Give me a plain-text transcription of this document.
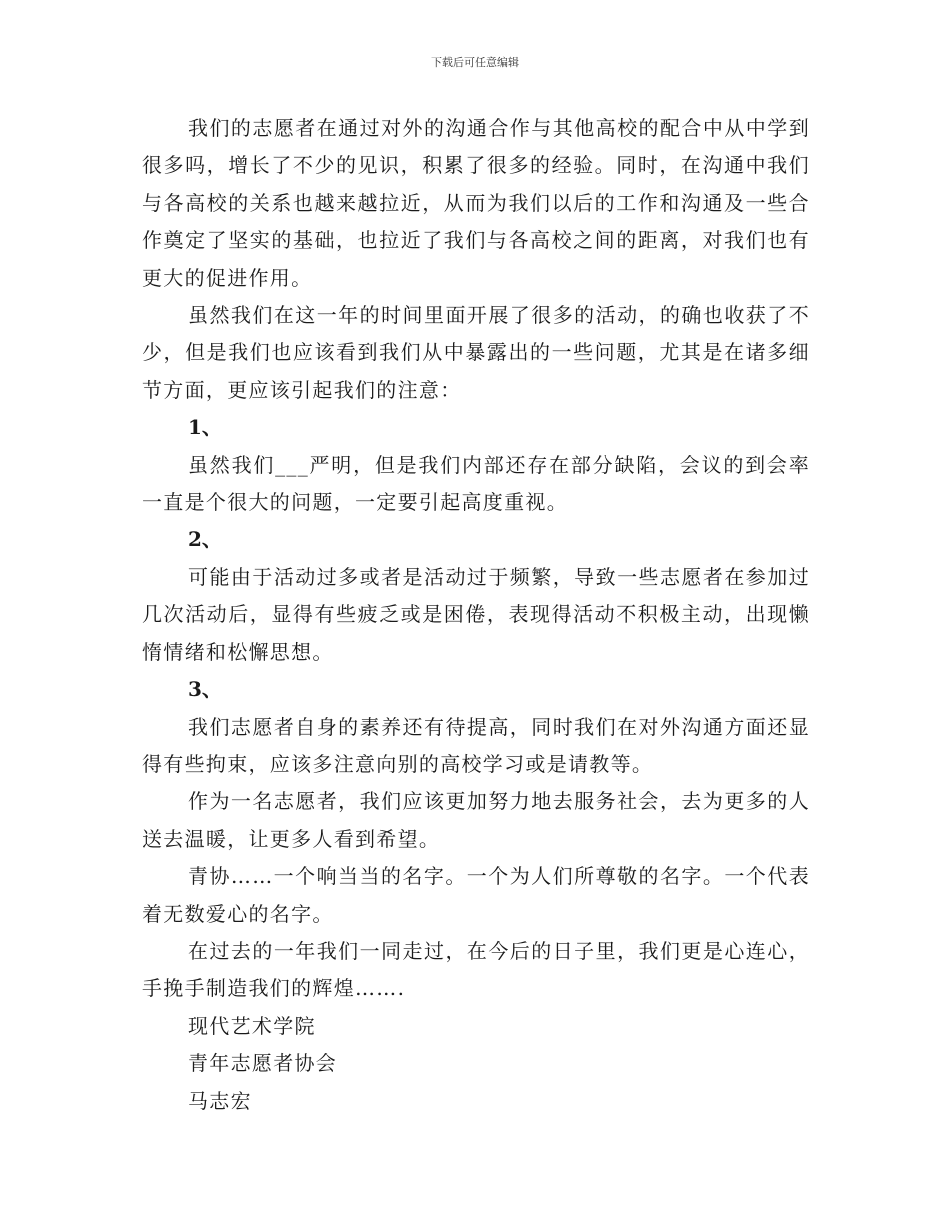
下载后可任意编辑

我们的志愿者在通过对外的沟通合作与其他高校的配合中从中学到很多吗，增长了不少的见识，积累了很多的经验。同时，在沟通中我们与各高校的关系也越来越拉近，从而为我们以后的工作和沟通及一些合作奠定了坚实的基础，也拉近了我们与各高校之间的距离，对我们也有更大的促进作用。

虽然我们在这一年的时间里面开展了很多的活动，的确也收获了不少，但是我们也应该看到我们从中暴露出的一些问题，尤其是在诸多细节方面，更应该引起我们的注意：

1、

虽然我们___严明，但是我们内部还存在部分缺陷，会议的到会率一直是个很大的问题，一定要引起高度重视。

2、

可能由于活动过多或者是活动过于频繁，导致一些志愿者在参加过几次活动后，显得有些疲乏或是困倦，表现得活动不积极主动，出现懒惰情绪和松懈思想。

3、

我们志愿者自身的素养还有待提高，同时我们在对外沟通方面还显得有些拘束，应该多注意向别的高校学习或是请教等。

作为一名志愿者，我们应该更加努力地去服务社会，去为更多的人送去温暖，让更多人看到希望。

青协……一个响当当的名字。一个为人们所尊敬的名字。一个代表着无数爱心的名字。

在过去的一年我们一同走过，在今后的日子里，我们更是心连心，手挽手制造我们的辉煌…….

现代艺术学院

青年志愿者协会

马志宏
